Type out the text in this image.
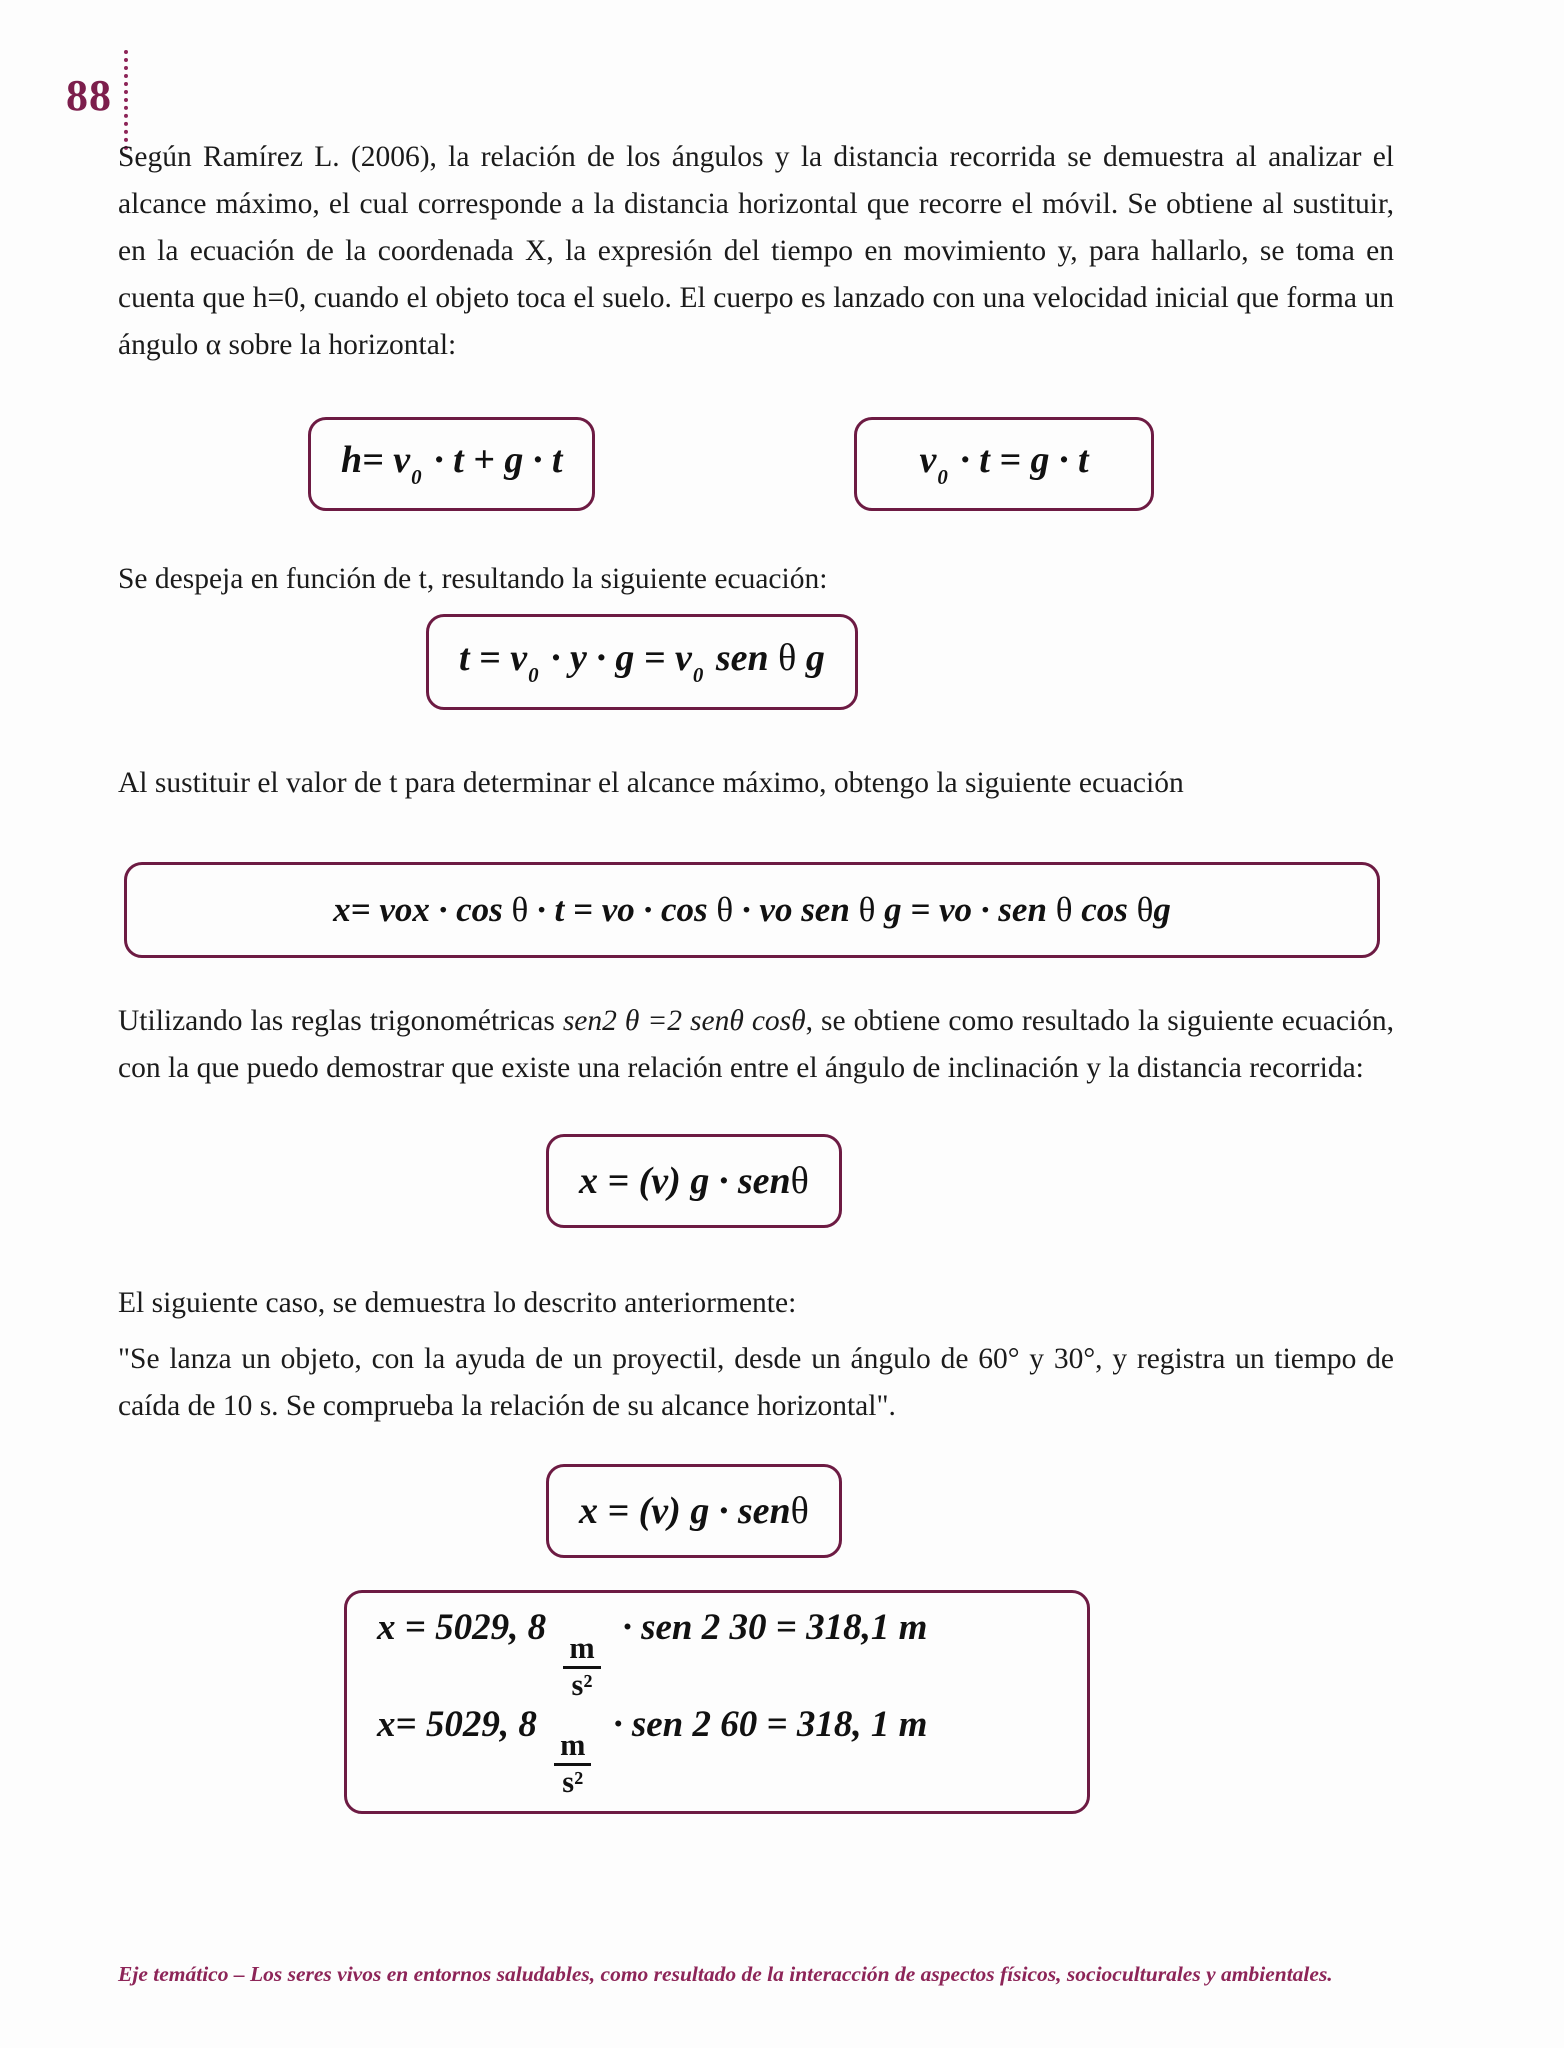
88

Según Ramírez L. (2006), la relación de los ángulos y la distancia recorrida se demuestra al analizar el alcance máximo, el cual corresponde a la distancia horizontal que recorre el móvil. Se obtiene al sustituir, en la ecuación de la coordenada X, la expresión del tiempo en movimiento y, para hallarlo, se toma en cuenta que h=0, cuando el objeto toca el suelo. El cuerpo es lanzado con una velocidad inicial que forma un ángulo α sobre la horizontal:

$h= v_0 \cdot t + g \cdot t$	$v_0 \cdot t = g \cdot t$

Se despeja en función de t, resultando la siguiente ecuación:

$t = v_0 \cdot y \cdot g = v_0$ sen θ g

Al sustituir el valor de t para determinar el alcance máximo, obtengo la siguiente ecuación

x= vox · cos θ · t = vo · cos θ · vo sen θ g = vo · sen θ cos θg

Utilizando las reglas trigonométricas sen2 θ =2 senθ cosθ, se obtiene como resultado la siguiente ecuación, con la que puedo demostrar que existe una relación entre el ángulo de inclinación y la distancia recorrida:

x = (v) g · senθ

El siguiente caso, se demuestra lo descrito anteriormente:

"Se lanza un objeto, con la ayuda de un proyectil, desde un ángulo de 60° y 30°, y registra un tiempo de caída de 10 s. Se comprueba la relación de su alcance horizontal".

x = (v) g · senθ
x = 5029, 8
$\frac{m}{\text{s²}}$
· sen 2 30 = 318,1 m
x= 5029, 8
$\frac{m}{\text{s²}}$
· sen 2 60 = 318, 1 m
Eje temático – Los seres vivos en entornos saludables, como resultado de la interacción de aspectos físicos, socioculturales y ambientales.
